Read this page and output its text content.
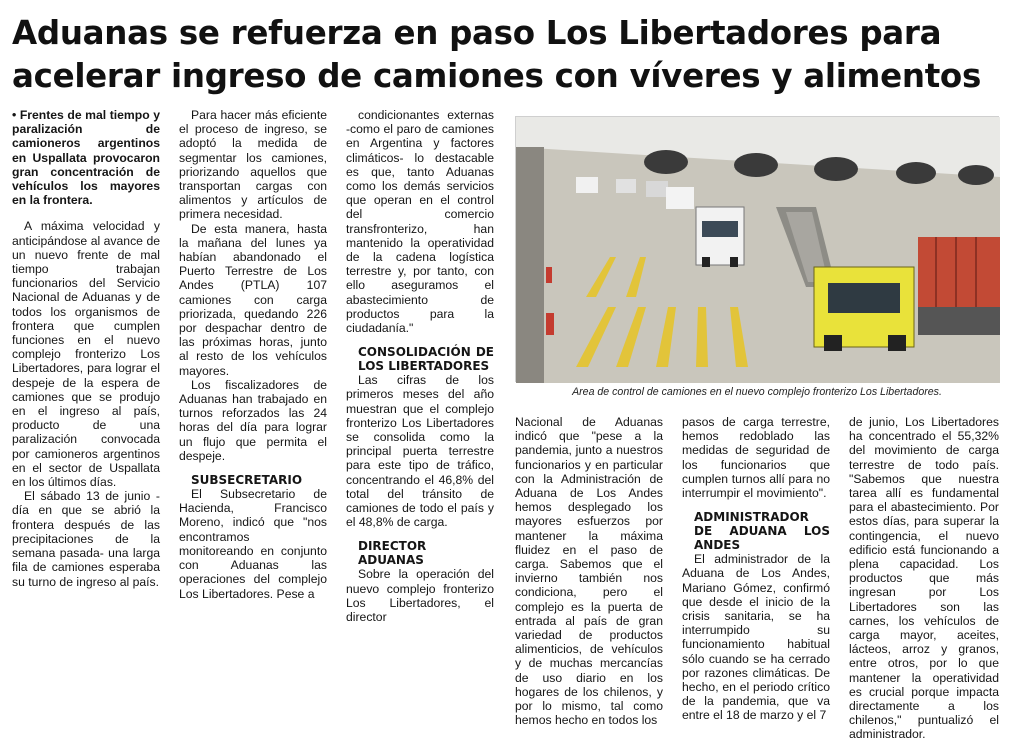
Aduanas se refuerza en paso Los Libertadores para acelerar ingreso de camiones con víveres y alimentos

• Frentes de mal tiempo y paralización de camioneros argentinos en Uspallata provocaron gran concentración de vehículos los mayores en la frontera.

A máxima velocidad y anticipándose al avance de un nuevo frente de mal tiempo trabajan funcionarios del Servicio Nacional de Aduanas y de todos los organismos de frontera que cumplen funciones en el nuevo complejo fronterizo Los Libertadores, para lograr el despeje de la espera de camiones que se produjo en el ingreso al país, producto de una paralización convocada por camioneros argentinos en el sector de Uspallata en los últimos días.

El sábado 13 de junio -día en que se abrió la frontera después de las precipitaciones de la semana pasada- una larga fila de camiones esperaba su turno de ingreso al país.

Para hacer más eficiente el proceso de ingreso, se adoptó la medida de segmentar los camiones, priorizando aquellos que transportan cargas con alimentos y artículos de primera necesidad.

De esta manera, hasta la mañana del lunes ya habían abandonado el Puerto Terrestre de Los Andes (PTLA) 107 camiones con carga priorizada, quedando 226 por despachar dentro de las próximas horas, junto al resto de los vehículos mayores.

Los fiscalizadores de Aduanas han trabajado en turnos reforzados las 24 horas del día para lograr un flujo que permita el despeje.

SUBSECRETARIO

El Subsecretario de Hacienda, Francisco Moreno, indicó que "nos encontramos monitoreando en conjunto con Aduanas las operaciones del complejo Los Libertadores. Pese a

condicionantes externas -como el paro de camiones en Argentina y factores climáticos- lo destacable es que, tanto Aduanas como los demás servicios que operan en el control del comercio transfronterizo, han mantenido la operatividad de la cadena logística terrestre y, por tanto, con ello aseguramos el abastecimiento de productos para la ciudadanía."

CONSOLIDACIÓN DE LOS LIBERTADORES

Las cifras de los primeros meses del año muestran que el complejo fronterizo Los Libertadores se consolida como la principal puerta terrestre para este tipo de tráfico, concentrando el 46,8% del total del tránsito de camiones de todo el país y el 48,8% de carga.

DIRECTOR ADUANAS

Sobre la operación del nuevo complejo fronterizo Los Libertadores, el director

Area de control de camiones en el nuevo complejo fronterizo Los Libertadores.

Nacional de Aduanas indicó que "pese a la pandemia, junto a nuestros funcionarios y en particular con la Administración de Aduana de Los Andes hemos desplegado los mayores esfuerzos por mantener la máxima fluidez en el paso de carga. Sabemos que el invierno también nos condiciona, pero el complejo es la puerta de entrada al país de gran variedad de productos alimenticios, de vehículos y de muchas mercancías de uso diario en los hogares de los chilenos, y por lo mismo, tal como hemos hecho en todos los

pasos de carga terrestre, hemos redoblado las medidas de seguridad de los funcionarios que cumplen turnos allí para no interrumpir el movimiento".

ADMINISTRADOR DE ADUANA LOS ANDES

El administrador de la Aduana de Los Andes, Mariano Gómez, confirmó que desde el inicio de la crisis sanitaria, se ha interrumpido su funcionamiento habitual sólo cuando se ha cerrado por razones climáticas. De hecho, en el periodo crítico de la pandemia, que va entre el 18 de marzo y el 7

de junio, Los Libertadores ha concentrado el 55,32% del movimiento de carga terrestre de todo país. "Sabemos que nuestra tarea allí es fundamental para el abastecimiento. Por estos días, para superar la contingencia, el nuevo edificio está funcionando a plena capacidad. Los productos que más ingresan por Los Libertadores son las carnes, los vehículos de carga mayor, aceites, lácteos, arroz y granos, entre otros, por lo que mantener la operatividad es crucial porque impacta directamente a los chilenos," puntualizó el administrador.
